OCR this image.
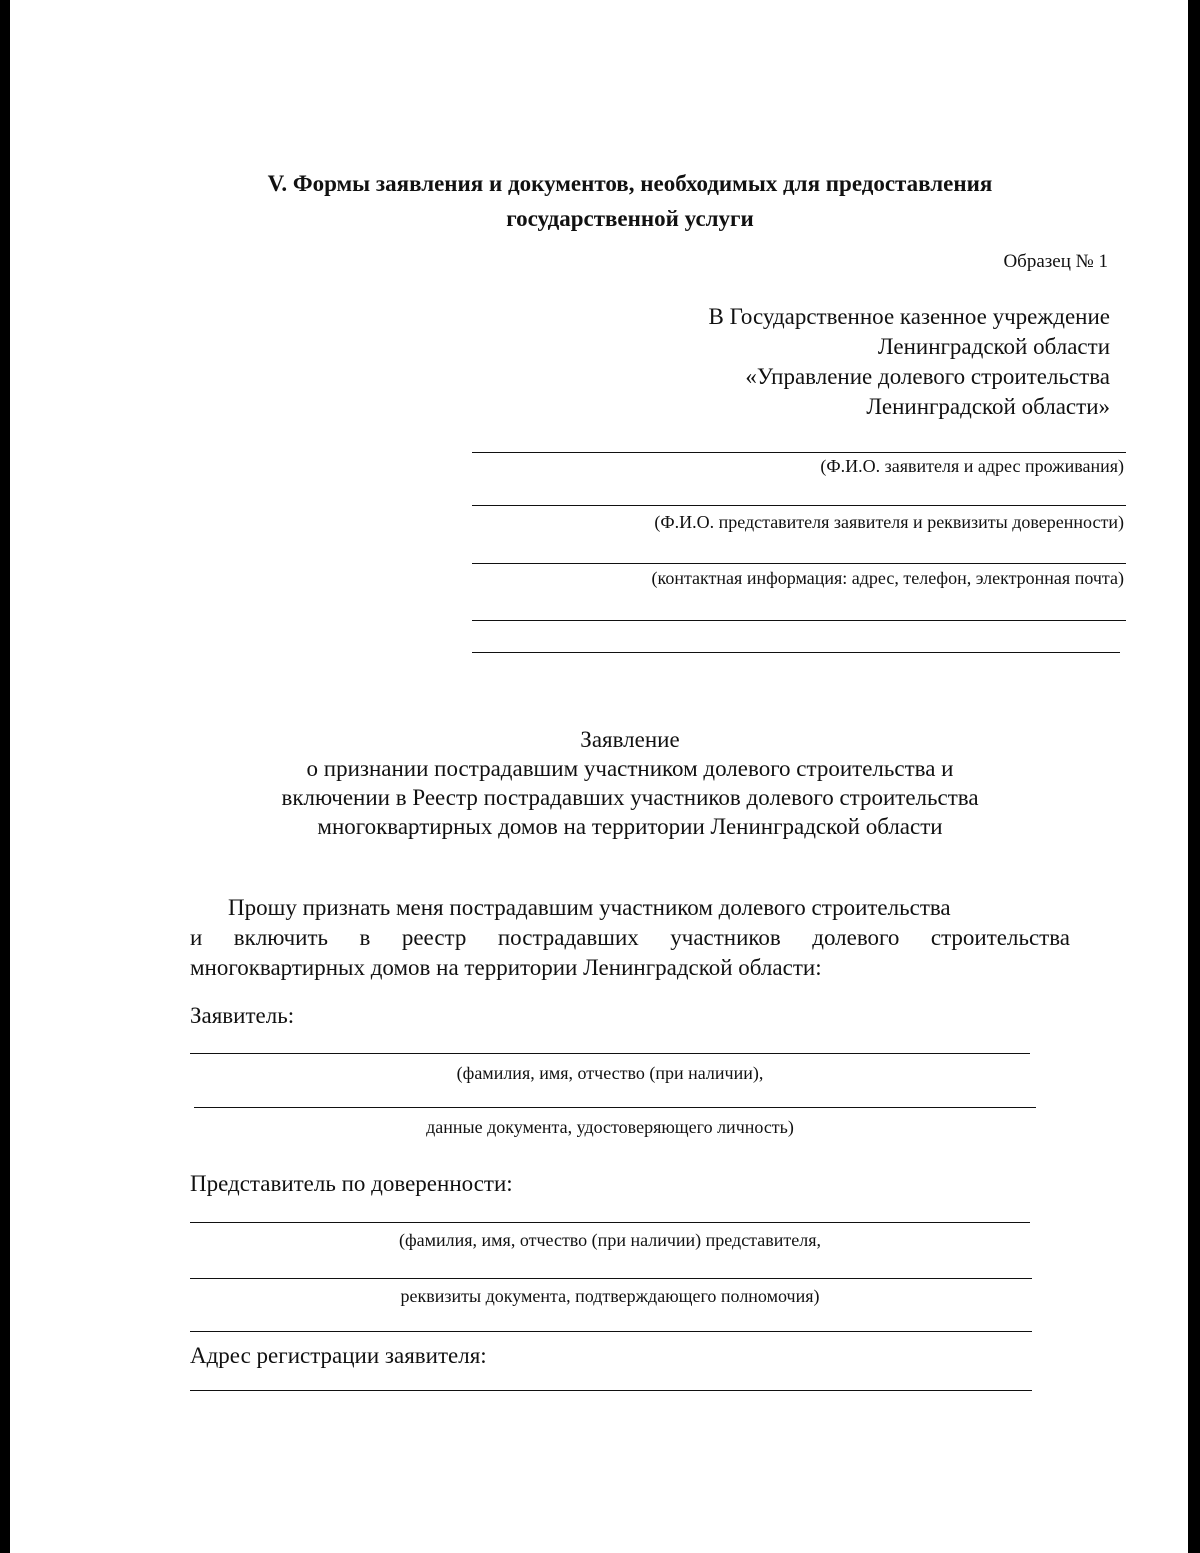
V. Формы заявления и документов, необходимых для предоставления
государственной услуги
Образец № 1
В Государственное казенное учреждение
Ленинградской области
«Управление долевого строительства
Ленинградской области»
(Ф.И.О. заявителя и адрес проживания)
(Ф.И.О. представителя заявителя и реквизиты доверенности)
(контактная информация: адрес, телефон, электронная почта)
Заявление
о признании пострадавшим участником долевого строительства и
включении в Реестр пострадавших участников долевого строительства
многоквартирных домов на территории Ленинградской области
Прошу признать меня пострадавшим участником долевого строительства
и включить в реестр пострадавших участников долевого строительства
многоквартирных домов на территории Ленинградской области:
Заявитель:
(фамилия, имя, отчество (при наличии),
данные документа, удостоверяющего личность)
Представитель по доверенности:
(фамилия, имя, отчество (при наличии) представителя,
реквизиты документа, подтверждающего полномочия)
Адрес регистрации заявителя:
